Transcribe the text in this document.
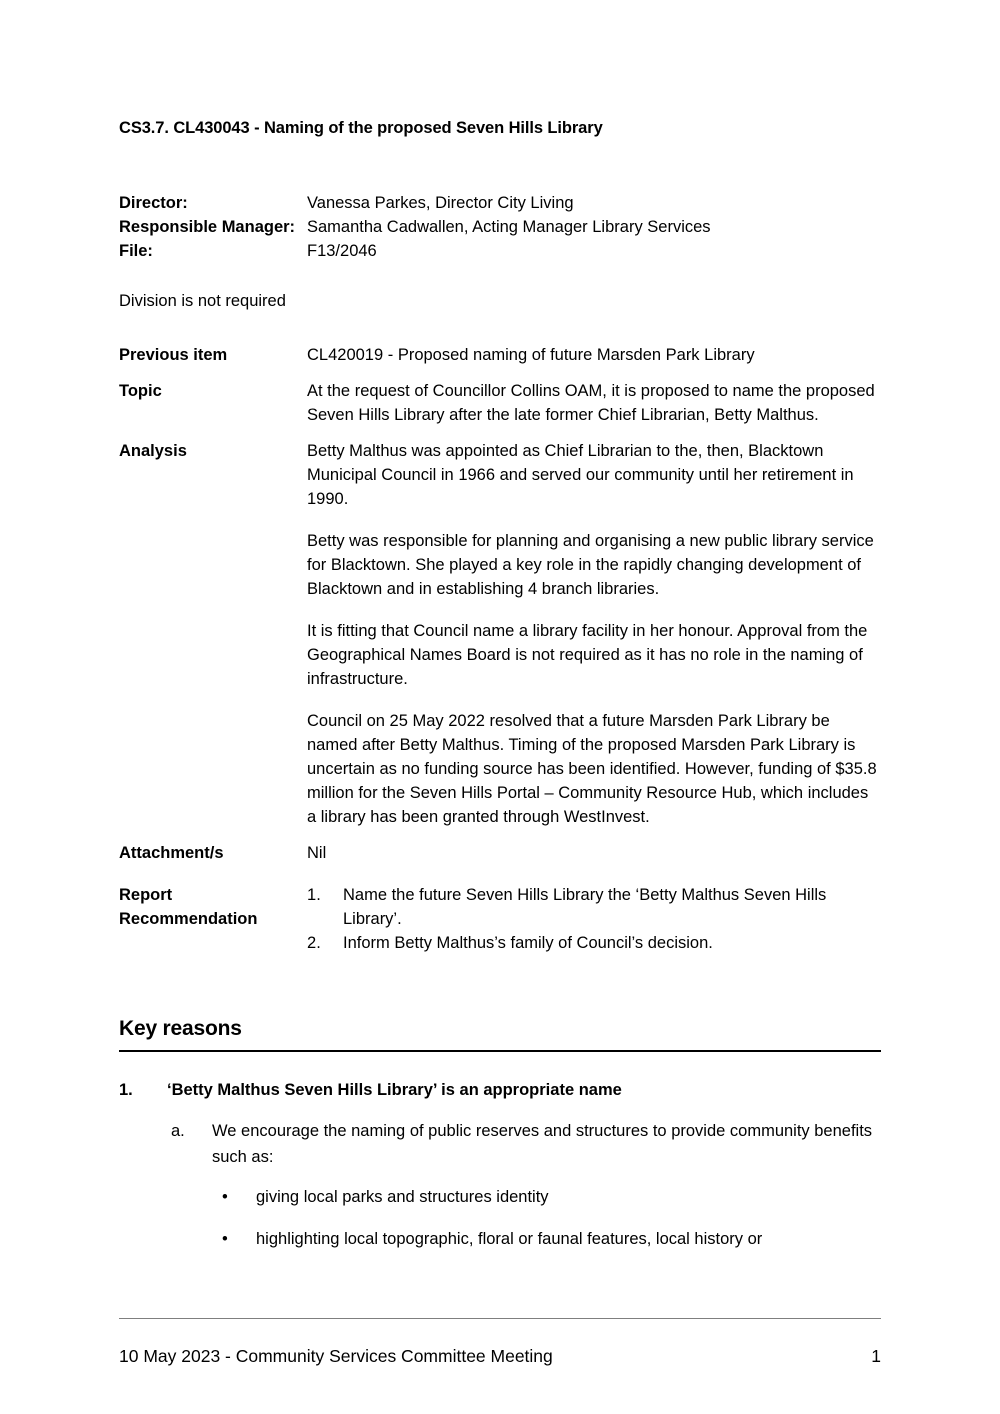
CS3.7. CL430043 - Naming of the proposed Seven Hills Library
Director:	Vanessa Parkes, Director City Living
Responsible Manager: Samantha Cadwallen, Acting Manager Library Services
File:	F13/2046
Division is not required
Previous item	CL420019 - Proposed naming of future Marsden Park Library

Topic	At the request of Councillor Collins OAM, it is proposed to name the proposed Seven Hills Library after the late former Chief Librarian, Betty Malthus.

Analysis	Betty Malthus was appointed as Chief Librarian to the, then, Blacktown Municipal Council in 1966 and served our community until her retirement in 1990.

Betty was responsible for planning and organising a new public library service for Blacktown. She played a key role in the rapidly changing development of Blacktown and in establishing 4 branch libraries.

It is fitting that Council name a library facility in her honour. Approval from the Geographical Names Board is not required as it has no role in the naming of infrastructure.

Council on 25 May 2022 resolved that a future Marsden Park Library be named after Betty Malthus. Timing of the proposed Marsden Park Library is uncertain as no funding source has been identified. However, funding of $35.8 million for the Seven Hills Portal – Community Resource Hub, which includes a library has been granted through WestInvest.

Attachment/s	Nil

Report
Recommendation
Name the future Seven Hills Library the ‘Betty Malthus Seven Hills Library’.
Inform Betty Malthus’s family of Council’s decision.
Key reasons
1. ‘Betty Malthus Seven Hills Library’ is an appropriate name
a. We encourage the naming of public reserves and structures to provide community benefits such as:
• giving local parks and structures identity
• highlighting local topographic, floral or faunal features, local history or
10 May 2023 - Community Services Committee Meeting	1
